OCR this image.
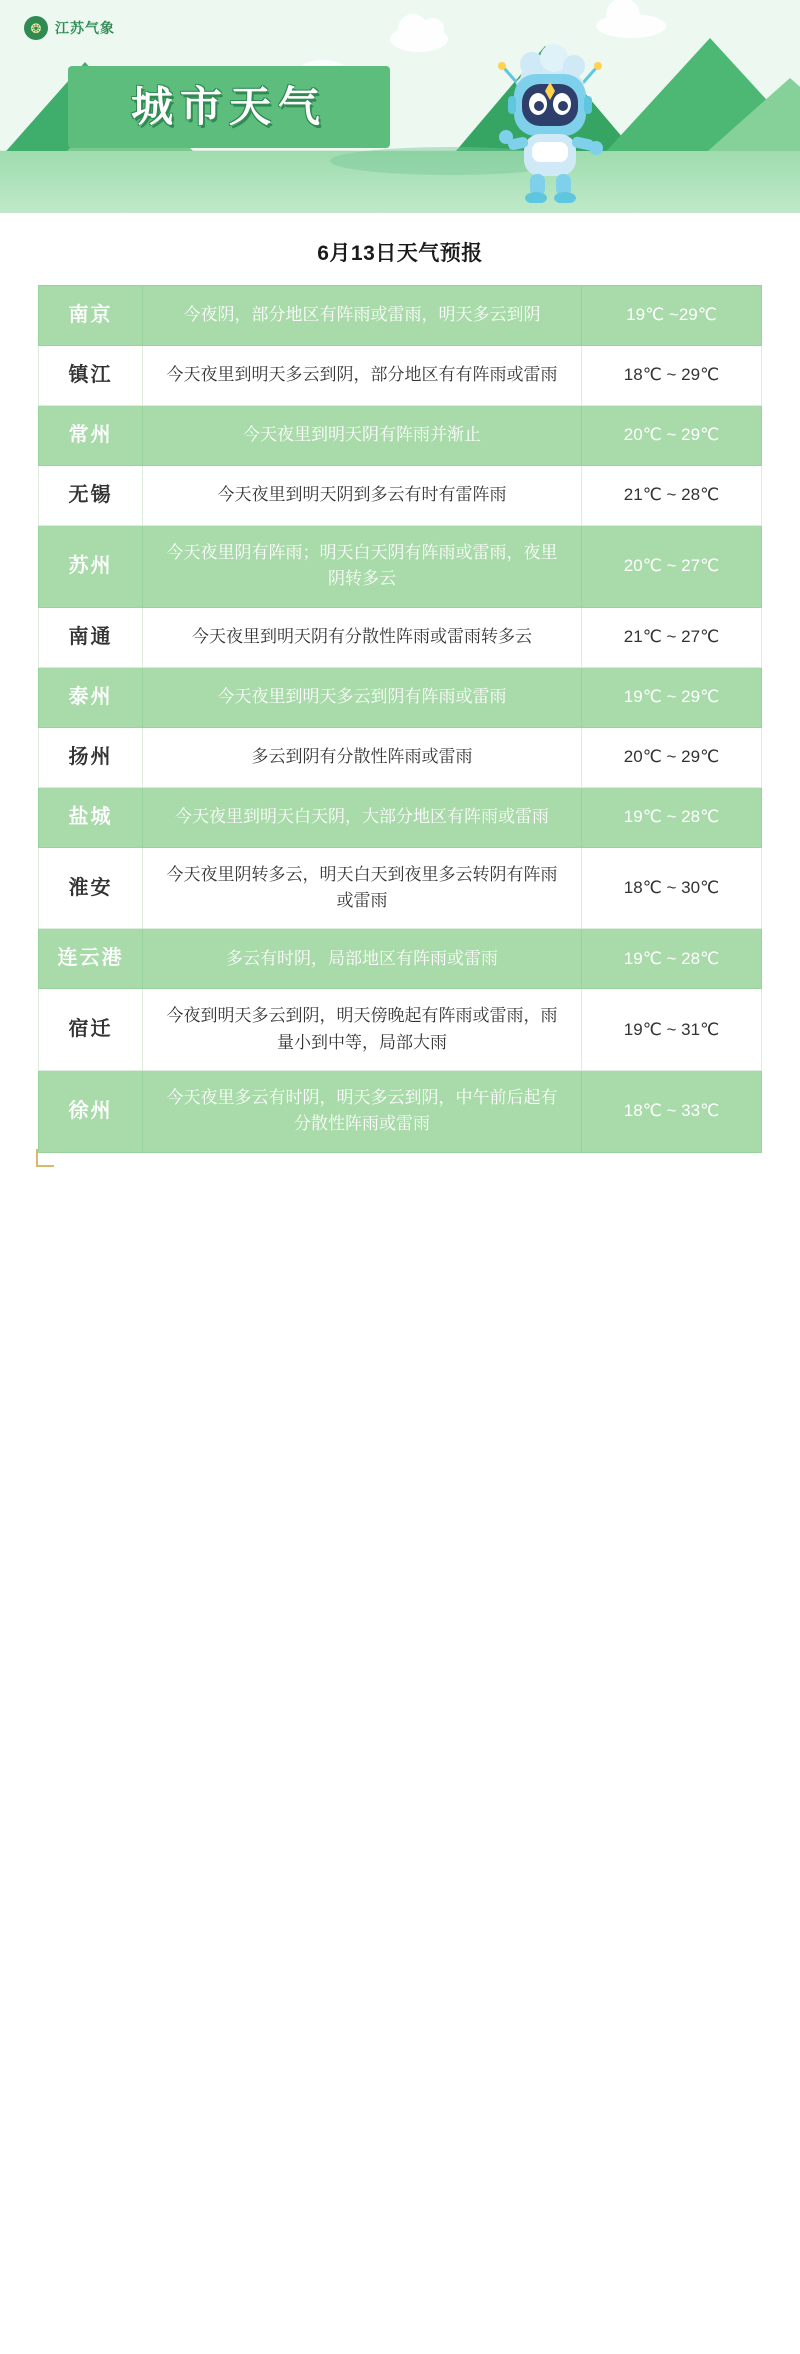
城市天气
❂ 江苏气象
6月13日天气预报
南京	今夜阴，部分地区有阵雨或雷雨，明天多云到阴	19℃ ~29℃
镇江	今天夜里到明天多云到阴，部分地区有有阵雨或雷雨	18℃ ~ 29℃
常州	今天夜里到明天阴有阵雨并渐止	20℃ ~ 29℃
无锡	今天夜里到明天阴到多云有时有雷阵雨	21℃ ~ 28℃
苏州	今天夜里阴有阵雨；明天白天阴有阵雨或雷雨，夜里阴转多云	20℃ ~ 27℃
南通	今天夜里到明天阴有分散性阵雨或雷雨转多云	21℃ ~ 27℃
泰州	今天夜里到明天多云到阴有阵雨或雷雨	19℃ ~ 29℃
扬州	多云到阴有分散性阵雨或雷雨	20℃ ~ 29℃
盐城	今天夜里到明天白天阴，大部分地区有阵雨或雷雨	19℃ ~ 28℃
淮安	今天夜里阴转多云，明天白天到夜里多云转阴有阵雨或雷雨	18℃ ~ 30℃
连云港	多云有时阴，局部地区有阵雨或雷雨	19℃ ~ 28℃
宿迁	今夜到明天多云到阴，明天傍晚起有阵雨或雷雨，雨量小到中等，局部大雨	19℃ ~ 31℃
徐州	今天夜里多云有时阴，明天多云到阴，中午前后起有分散性阵雨或雷雨	18℃ ~ 33℃
